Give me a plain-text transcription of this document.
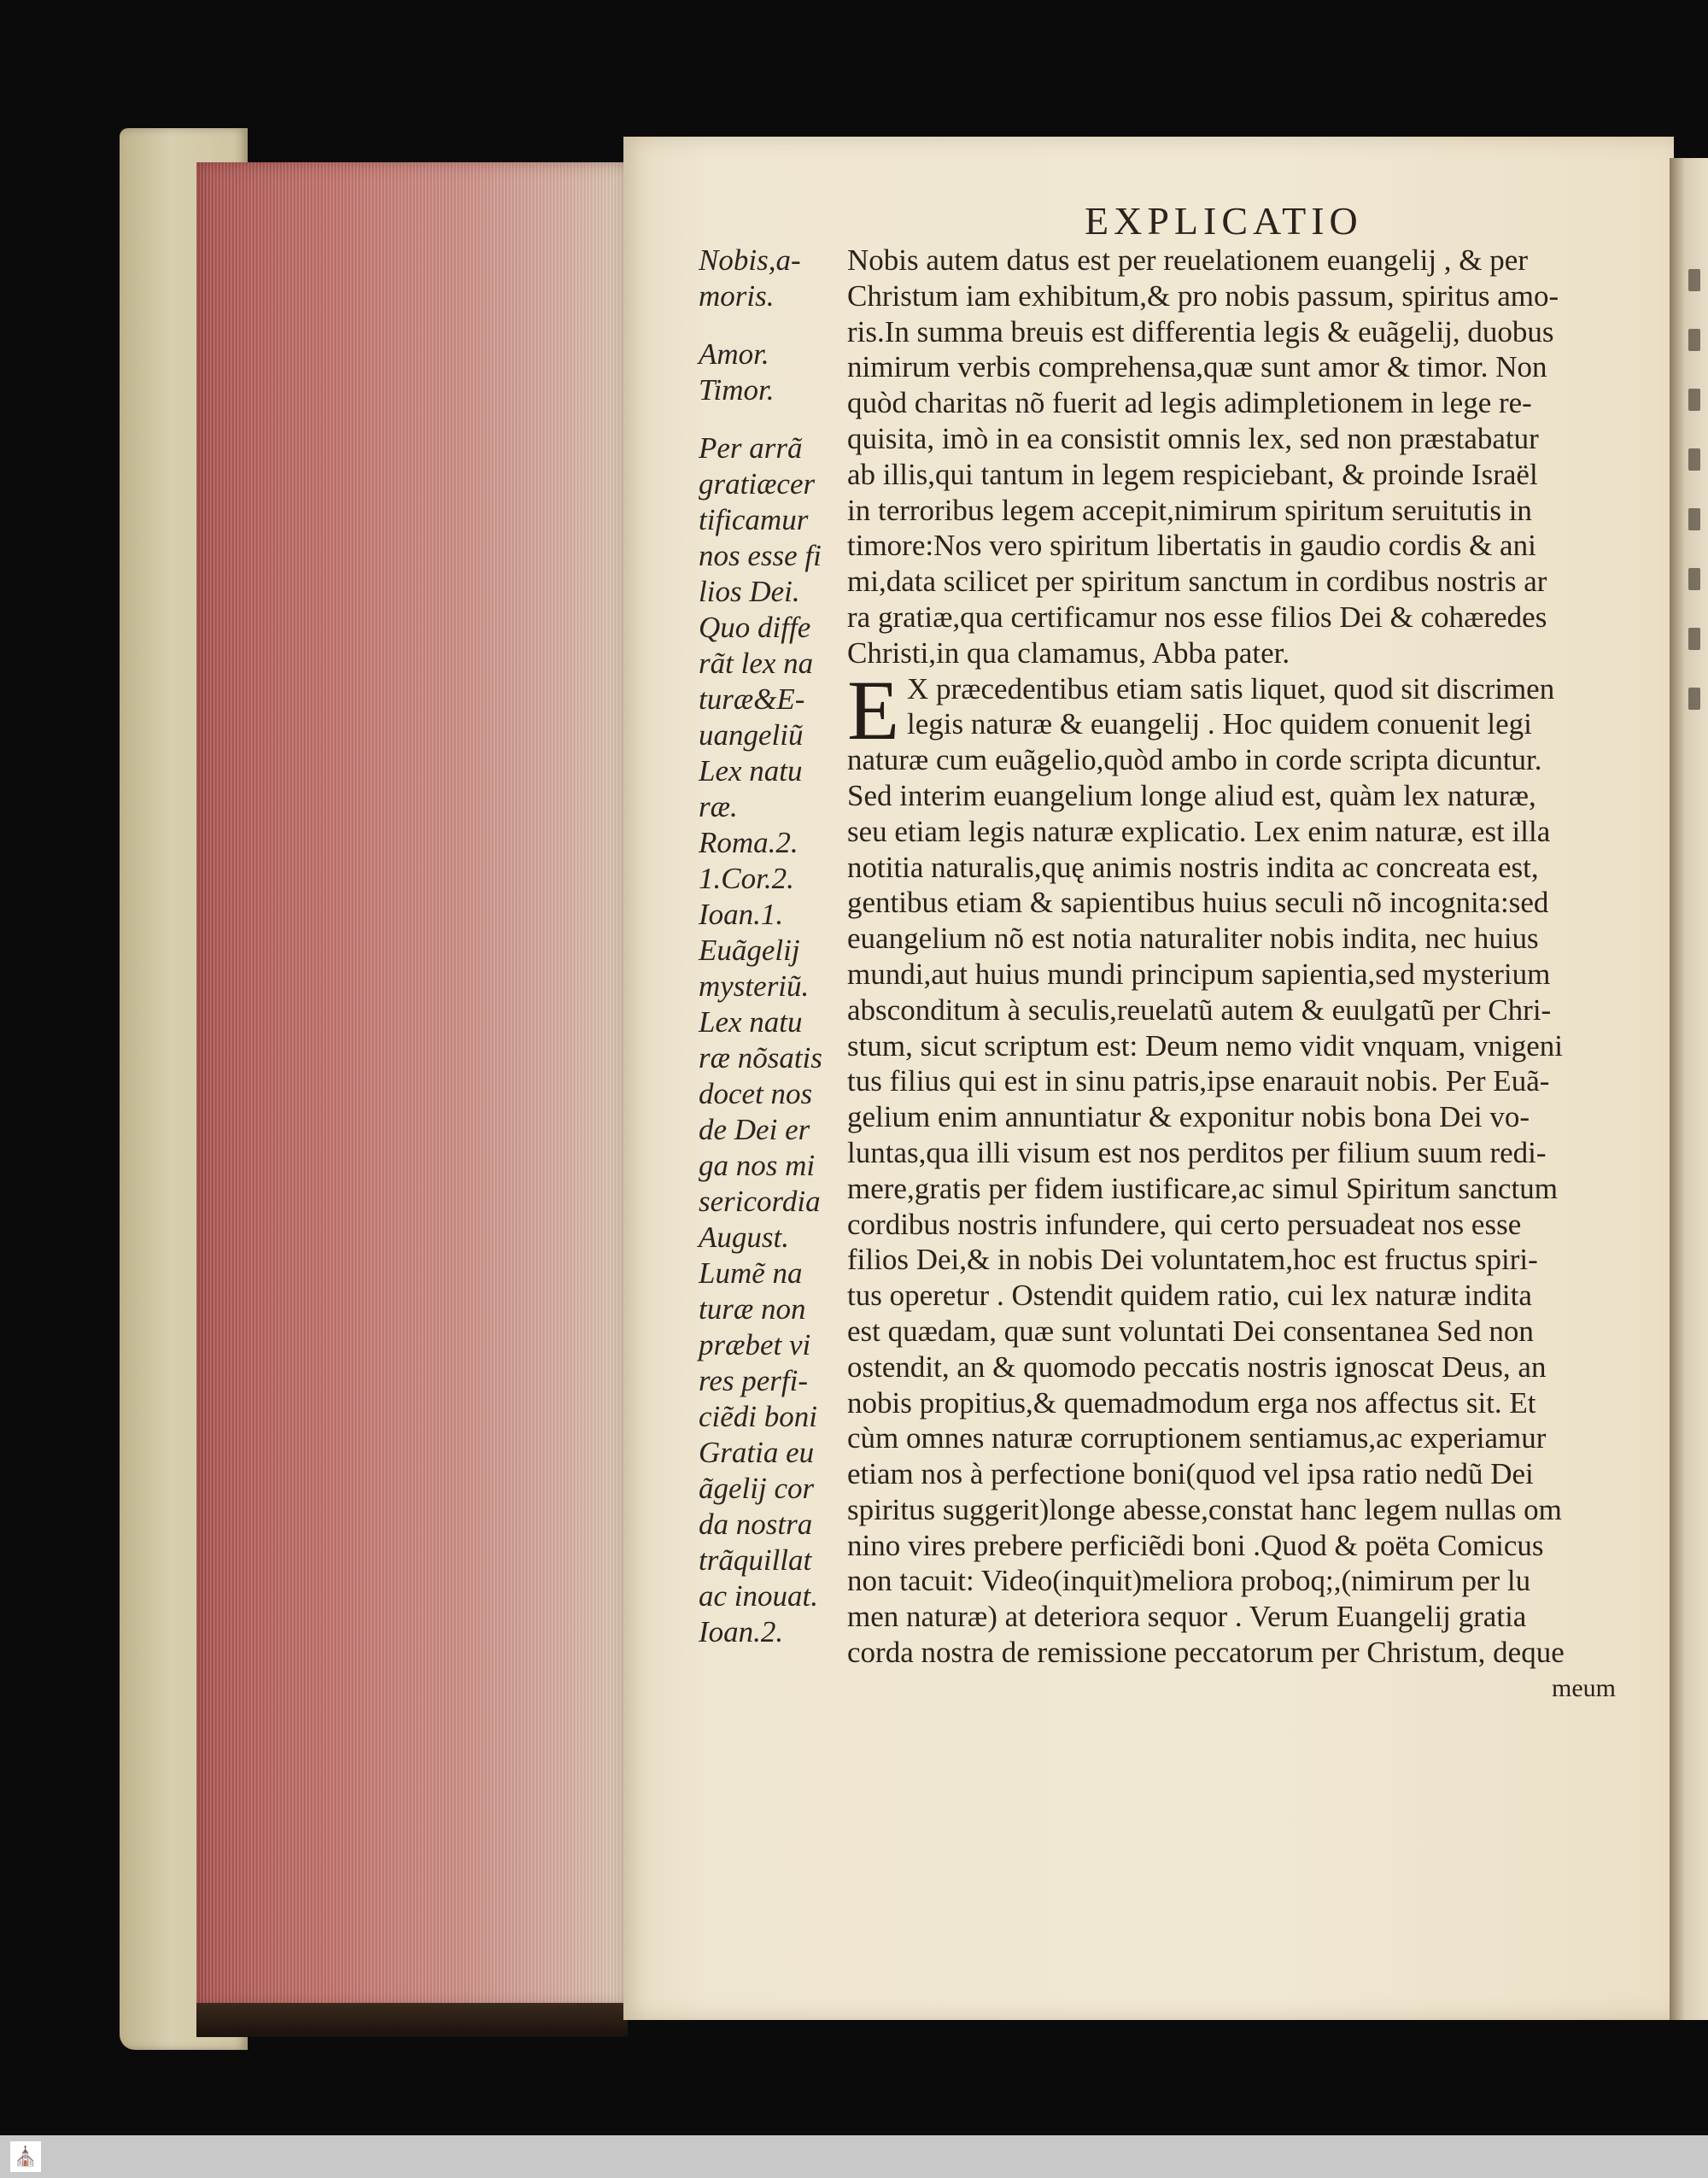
EXPLICATIO
Nobis,a-
moris.
Amor.
Timor.
Per arrã
gratiæcer
tificamur
nos esse fi
lios Dei.
Quo diffe
rãt lex na
turæ&E-
uangeliũ
Lex natu
ræ.
Roma.2.
1.Cor.2.
Ioan.1.
Euãgelij
mysteriũ.
Lex natu
ræ nõsatis
docet nos
de Dei er
ga nos mi
sericordia
August.
Lumẽ na
turæ non
præbet vi
res perfi-
ciẽdi boni
Gratia eu
ãgelij cor
da nostra
trãquillat
ac inouat.
Ioan.2.
Nobis autem datus est per reuelationem euangelij , & per
Christum iam exhibitum,& pro nobis passum, spiritus amo-
ris.In summa breuis est differentia legis & euãgelij, duobus
nimirum verbis comprehensa,quæ sunt amor & timor. Non
quòd charitas nõ fuerit ad legis adimpletionem in lege re-
quisita, imò in ea consistit omnis lex, sed non præstabatur
ab illis,qui tantum in legem respiciebant, & proinde Israël
in terroribus legem accepit,nimirum spiritum seruitutis in
timore:Nos vero spiritum libertatis in gaudio cordis & ani
mi,data scilicet per spiritum sanctum in cordibus nostris ar
ra gratiæ,qua certificamur nos esse filios Dei & cohæredes
Christi,in qua clamamus, Abba pater.
E X præcedentibus etiam satis liquet, quod sit discrimen
legis naturæ & euangelij . Hoc quidem conuenit legi
naturæ cum euãgelio,quòd ambo in corde scripta dicuntur.
Sed interim euangelium longe aliud est, quàm lex naturæ,
seu etiam legis naturæ explicatio. Lex enim naturæ, est illa
notitia naturalis,quę animis nostris indita ac concreata est,
gentibus etiam & sapientibus huius seculi nõ incognita:sed
euangelium nõ est notia naturaliter nobis indita, nec huius
mundi,aut huius mundi principum sapientia,sed mysterium
absconditum à seculis,reuelatũ autem & euulgatũ per Chri-
stum, sicut scriptum est: Deum nemo vidit vnquam, vnigeni
tus filius qui est in sinu patris,ipse enarauit nobis. Per Euã-
gelium enim annuntiatur & exponitur nobis bona Dei vo-
luntas,qua illi visum est nos perditos per filium suum redi-
mere,gratis per fidem iustificare,ac simul Spiritum sanctum
cordibus nostris infundere, qui certo persuadeat nos esse
filios Dei,& in nobis Dei voluntatem,hoc est fructus spiri-
tus operetur . Ostendit quidem ratio, cui lex naturæ indita
est quædam, quæ sunt voluntati Dei consentanea Sed non
ostendit, an & quomodo peccatis nostris ignoscat Deus, an
nobis propitius,& quemadmodum erga nos affectus sit. Et
cùm omnes naturæ corruptionem sentiamus,ac experiamur
etiam nos à perfectione boni(quod vel ipsa ratio nedũ Dei
spiritus suggerit)longe abesse,constat hanc legem nullas om
nino vires prebere perficiẽdi boni .Quod & poëta Comicus
non tacuit: Video(inquit)meliora proboq;,(nimirum per lu
men naturæ) at deteriora sequor . Verum Euangelij gratia
corda nostra de remissione peccatorum per Christum, deque
meum
⛪
